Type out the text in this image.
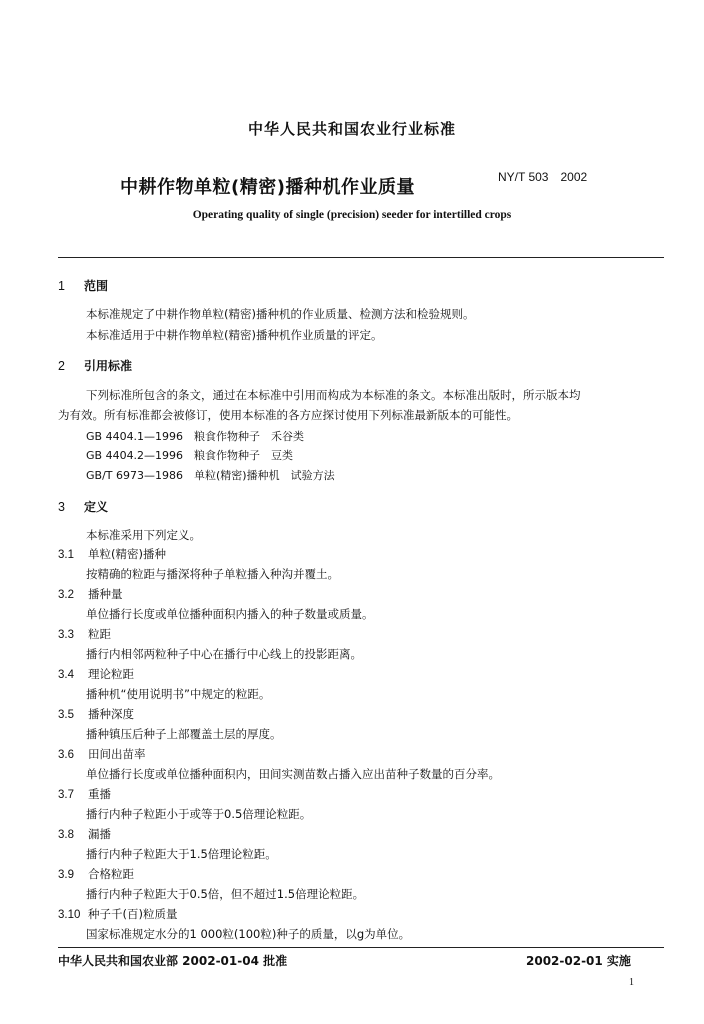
中华人民共和国农业行业标准
中耕作物单粒(精密)播种机作业质量	NY/T 503　2002
Operating quality of single (precision) seeder for intertilled crops
1 范围
本标准规定了中耕作物单粒(精密)播种机的作业质量、检测方法和检验规则。
本标准适用于中耕作物单粒(精密)播种机作业质量的评定。
2 引用标准
下列标准所包含的条文，通过在本标准中引用而构成为本标准的条文。本标准出版时，所示版本均
为有效。所有标准都会被修订，使用本标准的各方应探讨使用下列标准最新版本的可能性。
GB 4404.1—1996　粮食作物种子　禾谷类
GB 4404.2—1996　粮食作物种子　豆类
GB/T 6973—1986　单粒(精密)播种机　试验方法
3 定义
本标准采用下列定义。
3.1 单粒(精密)播种
按精确的粒距与播深将种子单粒播入种沟并覆土。
3.2 播种量
单位播行长度或单位播种面积内播入的种子数量或质量。
3.3 粒距
播行内相邻两粒种子中心在播行中心线上的投影距离。
3.4 理论粒距
播种机“使用说明书”中规定的粒距。
3.5 播种深度
播种镇压后种子上部覆盖土层的厚度。
3.6 田间出苗率
单位播行长度或单位播种面积内，田间实测苗数占播入应出苗种子数量的百分率。
3.7 重播
播行内种子粒距小于或等于0.5倍理论粒距。
3.8 漏播
播行内种子粒距大于1.5倍理论粒距。
3.9 合格粒距
播行内种子粒距大于0.5倍，但不超过1.5倍理论粒距。
3.10 种子千(百)粒质量
国家标准规定水分的1 000粒(100粒)种子的质量，以g为单位。
中华人民共和国农业部 2002-01-04 批准	2002-02-01 实施
1
